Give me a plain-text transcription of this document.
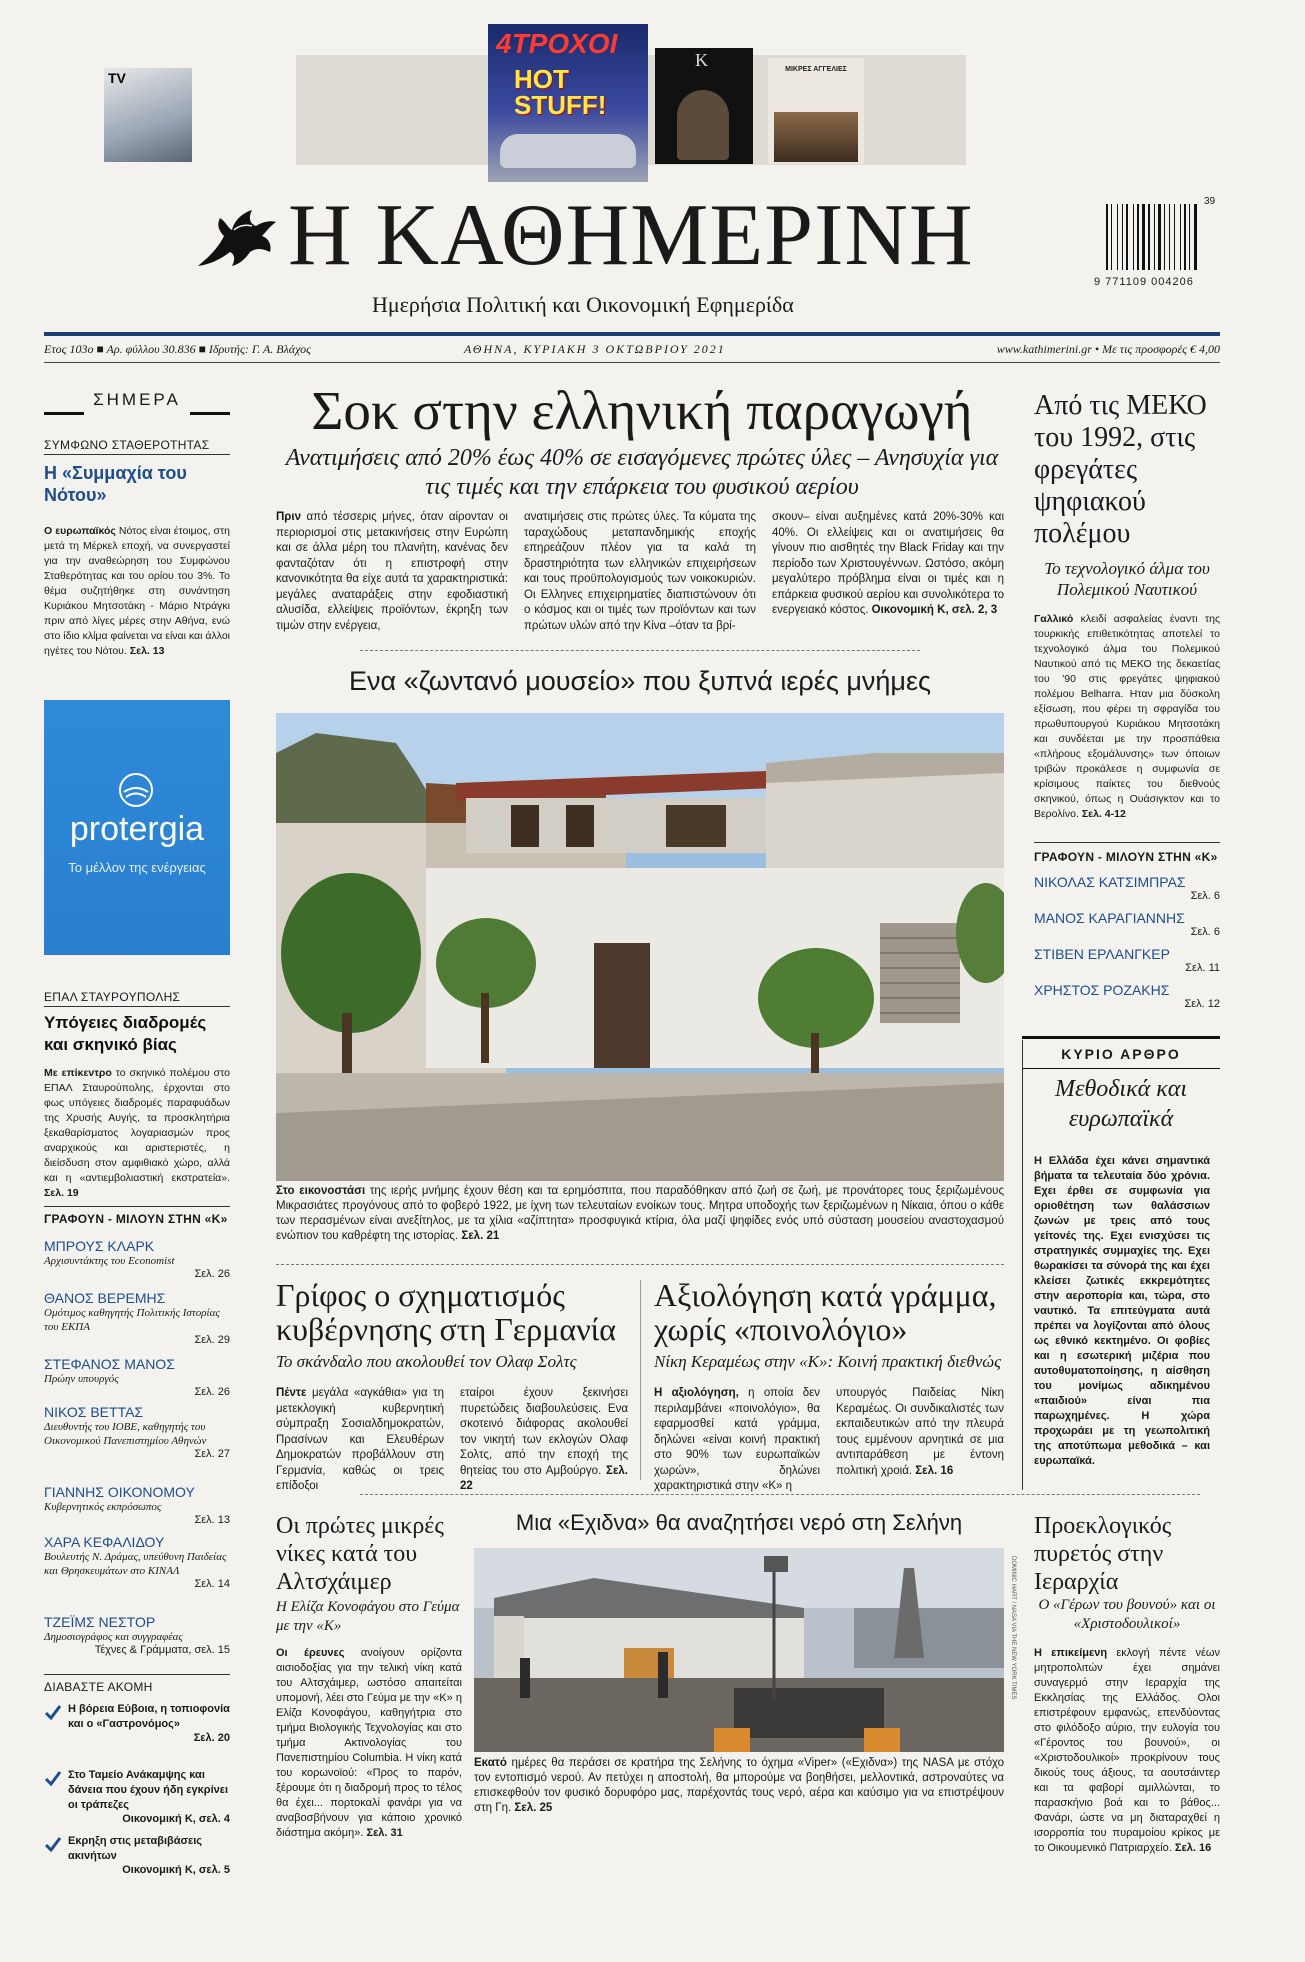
TV
4ΤΡΟΧΟΙ
HOT STUFF!
K	ΜΙΚΡΕΣ ΑΓΓΕΛΙΕΣ
Η ΚΑΘΗΜΕΡΙΝΗ
Ημερήσια Πολιτική και Οικονομική Εφημερίδα
39
9 771109 004206
Ετος 103ο ■ Αρ. φύλλου 30.836 ■ Ιδρυτής: Γ. Α. Βλάχος	ΑΘΗΝΑ, ΚΥΡΙΑΚΗ 3 ΟΚΤΩΒΡΙΟΥ 2021	www.kathimerini.gr • Με τις προσφορές € 4,00
ΣΗΜΕΡΑ
ΣΥΜΦΩΝΟ ΣΤΑΘΕΡΟΤΗΤΑΣ
Η «Συμμαχία του Νότου»
Ο ευρωπαϊκός Νότος είναι έτοιμος, στη μετά τη Μέρκελ εποχή, να συνεργαστεί για την αναθεώρηση του Συμφώνου Σταθερότητας και του ορίου του 3%. Το θέμα συζητήθηκε στη συνάντηση Κυριάκου Μητσοτάκη - Μάριο Ντράγκι πριν από λίγες μέρες στην Αθήνα, ενώ στο ίδιο κλίμα φαίνεται να είναι και άλλοι ηγέτες του Νότου. Σελ. 13
protergia
Το μέλλον της ενέργειας
ΕΠΑΛ ΣΤΑΥΡΟΥΠΟΛΗΣ
Υπόγειες διαδρομές και σκηνικό βίας
Με επίκεντρο το σκηνικό πολέμου στο ΕΠΑΛ Σταυρούπολης, έρχονται στο φως υπόγειες διαδρομές παραφυάδων της Χρυσής Αυγής, τα προσκλητήρια ξεκαθαρίσματος λογαριασμών προς αναρχικούς και αριστεριστές, η διείσδυση στον αμφιθιακό χώρο, αλλά και η «αντιεμβολιαστική εκστρατεία». Σελ. 19
ΓΡΑΦΟΥΝ - ΜΙΛΟΥΝ ΣΤΗΝ «Κ»
ΜΠΡΟΥΣ ΚΛΑΡΚ
Αρχισυντάκτης του Economist
Σελ. 26
ΘΑΝΟΣ ΒΕΡΕΜΗΣ
Ομότιμος καθηγητής Πολιτικής Ιστορίας του ΕΚΠΑ
Σελ. 29
ΣΤΕΦΑΝΟΣ ΜΑΝΟΣ
Πρώην υπουργός
Σελ. 26
ΝΙΚΟΣ ΒΕΤΤΑΣ
Διευθυντής του ΙΟΒΕ, καθηγητής του Οικονομικού Πανεπιστημίου Αθηνών
Σελ. 27
ΓΙΑΝΝΗΣ ΟΙΚΟΝΟΜΟΥ
Κυβερνητικός εκπρόσωπος
Σελ. 13
ΧΑΡΑ ΚΕΦΑΛΙΔΟΥ
Βουλευτής Ν. Δράμας, υπεύθυνη Παιδείας και Θρησκευμάτων στο ΚΙΝΑΛ
Σελ. 14
ΤΖΕΪΜΣ ΝΕΣΤΟΡ
Δημοσιογράφος και συγγραφέας
Τέχνες & Γράμματα, σελ. 15
ΔΙΑΒΑΣΤΕ ΑΚΟΜΗ
Η βόρεια Εύβοια, η τοπιοφονία και ο «Γαστρονόμος»
Σελ. 20
Στο Ταμείο Ανάκαμψης και δάνεια που έχουν ήδη εγκρίνει οι τράπεζες
Οικονομική Κ, σελ. 4
Εκρηξη στις μεταβιβάσεις ακινήτων
Οικονομική Κ, σελ. 5
Σοκ στην ελληνική παραγωγή
Ανατιμήσεις από 20% έως 40% σε εισαγόμενες πρώτες ύλες – Ανησυχία για τις τιμές και την επάρκεια του φυσικού αερίου
Πριν από τέσσερις μήνες, όταν αίρονταν οι περιορισμοί στις μετακινήσεις στην Ευρώπη και σε άλλα μέρη του πλανήτη, κανένας δεν φανταζόταν ότι η επιστροφή στην κανονικότητα θα είχε αυτά τα χαρακτηριστικά: μεγάλες αναταράξεις στην εφοδιαστική αλυσίδα, ελλείψεις προϊόντων, έκρηξη των τιμών στην ενέργεια,
ανατιμήσεις στις πρώτες ύλες. Τα κύματα της ταραχώδους μεταπανδημικής εποχής επηρεάζουν πλέον για τα καλά τη δραστηριότητα των ελληνικών επιχειρήσεων και τους προϋπολογισμούς των νοικοκυριών. Οι Ελληνες επιχειρηματίες διαπιστώνουν ότι ο κόσμος και οι τιμές των προϊόντων και των πρώτων υλών από την Κίνα –όταν τα βρί-
σκουν– είναι αυξημένες κατά 20%-30% και 40%. Οι ελλείψεις και οι ανατιμήσεις θα γίνουν πιο αισθητές την Black Friday και την περίοδο των Χριστουγέννων. Ωστόσο, ακόμη μεγαλύτερο πρόβλημα είναι οι τιμές και η επάρκεια φυσικού αερίου και συνολικότερα το ενεργειακό κόστος. Οικονομική Κ, σελ. 2, 3
Ενα «ζωντανό μουσείο» που ξυπνά ιερές μνήμες
Στο εικονοστάσι της ιερής μνήμης έχουν θέση και τα ερημόσπιτα, που παραδόθηκαν από ζωή σε ζωή, με προνάτορες τους ξεριζωμένους Μικρασιάτες προγόνους από το φοβερό 1922, με ίχνη των τελευταίων ενοίκων τους. Μητρα υποδοχής των ξεριζωμένων η Νίκαια, όπου ο κάθε των περασμένων είναι ανεξίτηλος, με τα χίλια «αζίπτητα» προσφυγικά κτίρια, όλα μαζί ψηφίδες ενός υπό σύσταση μουσείου αναστοχασμού ενώπιον του καθρέφτη της ιστορίας. Σελ. 21
Γρίφος ο σχηματισμός κυβέρνησης στη Γερμανία
Το σκάνδαλο που ακολουθεί τον Ολαφ Σολτς
Πέντε μεγάλα «αγκάθια» για τη μετεκλογική κυβερνητική σύμπραξη Σοσιαλδημοκρατών, Πρασίνων και Ελευθέρων Δημοκρατών προβάλλουν στη Γερμανία, καθώς οι τρεις επίδοξοι
εταίροι έχουν ξεκινήσει πυρετώδεις διαβουλεύσεις. Ενα σκοτεινό διάφορας ακολουθεί τον νικητή των εκλογών Ολαφ Σολτς, από την εποχή της θητείας του στο Αμβούργο. Σελ. 22
Αξιολόγηση κατά γράμμα, χωρίς «ποινολόγιο»
Νίκη Κεραμέως στην «Κ»: Κοινή πρακτική διεθνώς
Η αξιολόγηση, η οποία δεν περιλαμβάνει «ποινολόγιο», θα εφαρμοσθεί κατά γράμμα, δηλώνει «είναι κοινή πρακτική στο 90% των ευρωπαϊκών χωρών», δηλώνει χαρακτηριστικά στην «Κ» η
υπουργός Παιδείας Νίκη Κεραμέως. Οι συνδικαλιστές των εκπαιδευτικών από την πλευρά τους εμμένουν αρνητικά σε μια αντιπαράθεση με έντονη πολιτική χροιά. Σελ. 16
Οι πρώτες μικρές νίκες κατά του Αλτσχάιμερ
Η Ελίζα Κονοφάγου στο Γεύμα με την «Κ»
Οι έρευνες ανοίγουν ορίζοντα αισιοδοξίας για την τελική νίκη κατά του Αλτσχάιμερ, ωστόσο απαιτείται υπομονή, λέει στο Γεύμα με την «Κ» η Ελίζα Κονοφάγου, καθηγήτρια στο τμήμα Βιολογικής Τεχνολογίας και στο τμήμα Ακτινολογίας του Πανεπιστημίου Columbia. Η νίκη κατά του κορωνοϊού: «Προς το παρόν, ξέρουμε ότι η διαδρομή προς το τέλος θα έχει... πορτοκαλί φανάρι για να αναβοσβήνουν για κάποιο χρονικό διάστημα ακόμη». Σελ. 31
Μια «Εχιδνα» θα αναζητήσει νερό στη Σελήνη
DOMINIC HART / NASA VIA THE NEW YORK TIMES
Εκατό ημέρες θα περάσει σε κρατήρα της Σελήνης το όχημα «Viper» («Εχιδνα») της NASA με στόχο τον εντοπισμό νερού. Αν πετύχει η αποστολή, θα μπορούμε να βοηθήσει, μελλοντικά, αστροναύτες να επισκεφθούν τον φυσικό δορυφόρο μας, παρέχοντάς τους νερό, αέρα και καύσιμο για να επιστρέψουν στη Γη. Σελ. 25
Από τις ΜΕΚΟ του 1992, στις φρεγάτες ψηφιακού πολέμου
Το τεχνολογικό άλμα του Πολεμικού Ναυτικού
Γαλλικό κλειδί ασφαλείας έναντι της τουρκικής επιθετικότητας αποτελεί το τεχνολογικό άλμα του Πολεμικού Ναυτικού από τις ΜΕΚΟ της δεκαετίας του '90 στις φρεγάτες ψηφιακού πολέμου Belharra. Ηταν μια δύσκολη εξίσωση, που φέρει τη σφραγίδα του πρωθυπουργού Κυριάκου Μητσοτάκη και συνδέεται με την προσπάθεια «πλήρους εξομάλυνσης» των όποιων τριβών προκάλεσε η συμφωνία σε κρίσιμους παίκτες του διεθνούς σκηνικού, όπως η Ουάσιγκτον και το Βερολίνο. Σελ. 4-12
ΓΡΑΦΟΥΝ - ΜΙΛΟΥΝ ΣΤΗΝ «Κ»
ΝΙΚΟΛΑΣ ΚΑΤΣΙΜΠΡΑΣ
Σελ. 6
ΜΑΝΟΣ ΚΑΡΑΓΙΑΝΝΗΣ
Σελ. 6
ΣΤΙΒΕΝ ΕΡΛΑΝΓΚΕΡ
Σελ. 11
ΧΡΗΣΤΟΣ ΡΟΖΑΚΗΣ
Σελ. 12
ΚΥΡΙΟ ΑΡΘΡΟ
Μεθοδικά και ευρωπαϊκά
Η Ελλάδα έχει κάνει σημαντικά βήματα τα τελευταία δύο χρόνια. Εχει έρθει σε συμφωνία για οριοθέτηση των θαλάσσιων ζωνών με τρεις από τους γείτονές της. Εχει ενισχύσει τις στρατηγικές συμμαχίες της. Εχει θωρακίσει τα σύνορά της και έχει κλείσει ζωτικές εκκρεμότητες στην αεροπορία και, τώρα, στο ναυτικό. Τα επιτεύγματα αυτά πρέπει να λογίζονται από όλους ως εθνικό κεκτημένο. Οι φοβίες και η εσωτερική μιζέρια που αυτοθυματοποίησης, η αίσθηση του μονίμως αδικημένου «παιδιού» είναι πια παρωχημένες. Η χώρα προχωράει με τη γεωπολιτική της αποτύπωμα μεθοδικά – και ευρωπαϊκά.
Προεκλογικός πυρετός στην Ιεραρχία
Ο «Γέρων του βουνού» και οι «Χριστοδουλικοί»
Η επικείμενη εκλογή πέντε νέων μητροπολιτών έχει σημάνει συναγερμό στην Ιεραρχία της Εκκλησίας της Ελλάδος. Ολοι επιστρέφουν εμφανώς, επενδύοντας στο φιλόδοξο αύριο, την ευλογία του «Γέροντος του βουνού», οι «Χριστοδουλικοί» προκρίνουν τους δικούς τους άξιους, τα αουτσάιντερ και τα φαβορί αμιλλώνται, το παρασκήνιο βοά και το βάθος... Φανάρι, ώστε να μη διαταραχθεί η ισορροπία του πυραμοίου κρίκος με το Οικουμενικό Πατριαρχείο. Σελ. 16
